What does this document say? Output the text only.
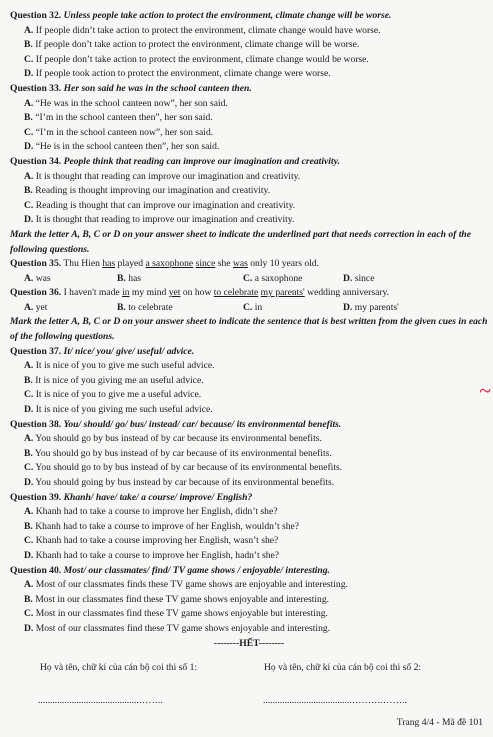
Question 32. Unless people take action to protect the environment, climate change will be worse.
A. If people didn’t take action to protect the environment, climate change would have worse.
B. If people don’t take action to protect the environment, climate change will be worse.
C. If people don’t take action to protect the environment, climate change would be worse.
D. If people took action to protect the environment, climate change were worse.
Question 33. Her son said he was in the school canteen then.
A. “He was in the school canteen now”, her son said.
B. “I’m in the school canteen then”, her son said.
C. “I’m in the school canteen now”, her son said.
D. “He is in the school canteen then”, her son said.
Question 34. People think that reading can improve our imagination and creativity.
A. It is thought that reading can improve our imagination and creativity.
B. Reading is thought improving our imagination and creativity.
C. Reading is thought that can improve our imagination and creativity.
D. It is thought that reading to improve our imagination and creativity.
Mark the letter A, B, C or D on your answer sheet to indicate the underlined part that needs correction in each of the following questions.
Question 35. Thu Hien has played a saxophone since she was only 10 years old.
A. was	B. has	C. a saxophone	D. since
Question 36. I haven't made in my mind yet on how to celebrate my parents' wedding anniversary.
A. yet	B. to celebrate	C. in	D. my parents'
Mark the letter A, B, C or D on your answer sheet to indicate the sentence that is best written from the given cues in each of the following questions.
Question 37. It/ nice/ you/ give/ useful/ advice.
A. It is nice of you to give me such useful advice.
B. It is nice of you giving me an useful advice.
C. It is nice of you to give me a useful advice.
D. It is nice of you giving me such useful advice.
Question 38. You/ should/ go/ bus/ instead/ car/ because/ its environmental benefits.
A. You should go by bus instead of by car because its environmental benefits.
B. You should go by bus instead of by car because of its environmental benefits.
C. You should go to by bus instead of by car because of its environmental benefits.
D. You should going by bus instead by car because of its environmental benefits.
Question 39. Khanh/ have/ take/ a course/ improve/ English?
A. Khanh had to take a course to improve her English, didn’t she?
B. Khanh had to take a course to improve of her English, wouldn’t she?
C. Khanh had to take a course improving her English, wasn’t she?
D. Khanh had to take a course to improve her English, hadn’t she?
Question 40. Most/ our classmates/ find/ TV game shows / enjoyable/ interesting.
A. Most of our classmates finds these TV game shows are enjoyable and interesting.
B. Most in our classmates find these TV game shows enjoyable and interesting.
C. Most in our classmates find these TV game shows enjoyable but interesting.
D. Most of our classmates find these TV game shows enjoyable and interesting.
--------HẾT--------
Họ và tên, chữ kí của cán bộ coi thi số 1:	Họ và tên, chữ kí của cán bộ coi thi số 2:
..........................................……..	.....................................……….……..
~
Trang 4/4 - Mã đề 101
